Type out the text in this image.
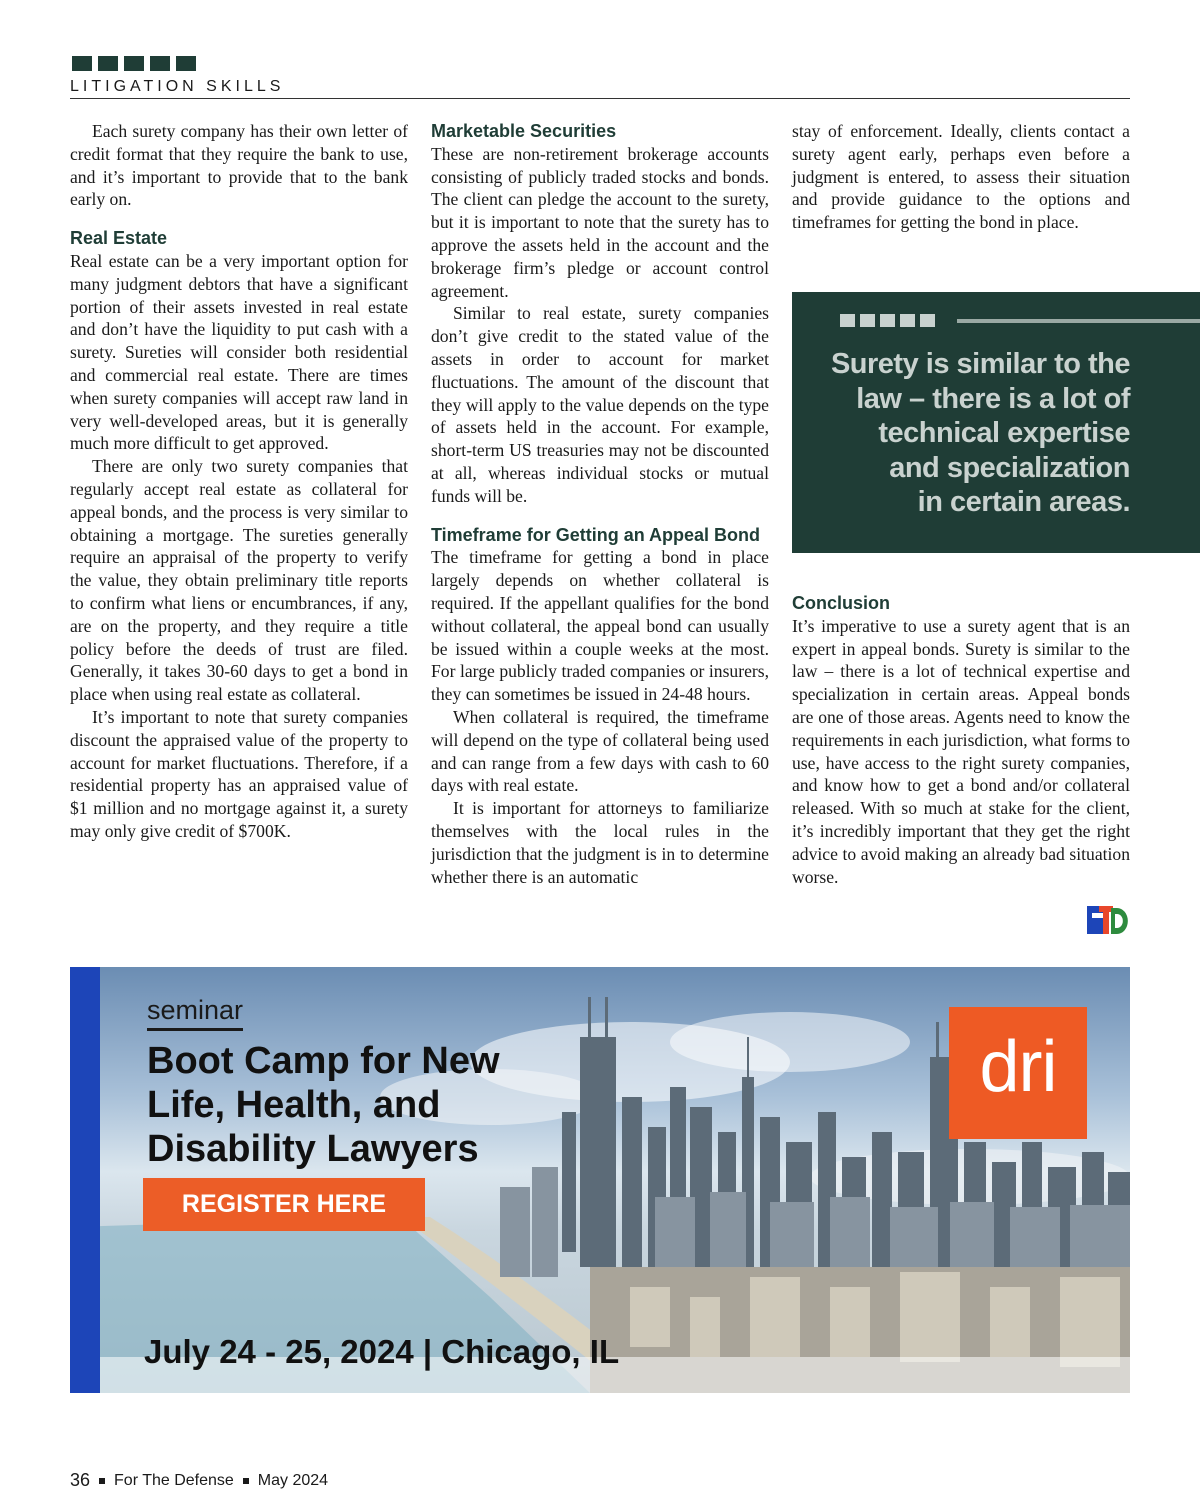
LITIGATION SKILLS

Each surety company has their own letter of credit format that they require the bank to use, and it’s important to provide that to the bank early on.

Real Estate

Real estate can be a very important option for many judgment debtors that have a significant portion of their assets invested in real estate and don’t have the liquidity to put cash with a surety. Sureties will consider both residential and commercial real estate. There are times when surety companies will accept raw land in very well-developed areas, but it is generally much more difficult to get approved.

There are only two surety companies that regularly accept real estate as collateral for appeal bonds, and the process is very similar to obtaining a mortgage. The sureties generally require an appraisal of the property to verify the value, they obtain preliminary title reports to confirm what liens or encumbrances, if any, are on the property, and they require a title policy before the deeds of trust are filed. Generally, it takes 30-60 days to get a bond in place when using real estate as collateral.

It’s important to note that surety companies discount the appraised value of the property to account for market fluctuations. Therefore, if a residential property has an appraised value of $1 million and no mortgage against it, a surety may only give credit of $700K.

Marketable Securities

These are non-retirement brokerage accounts consisting of publicly traded stocks and bonds. The client can pledge the account to the surety, but it is important to note that the surety has to approve the assets held in the account and the brokerage firm’s pledge or account control agreement.

Similar to real estate, surety companies don’t give credit to the stated value of the assets in order to account for market fluctuations. The amount of the discount that they will apply to the value depends on the type of assets held in the account. For example, short-term US treasuries may not be discounted at all, whereas individual stocks or mutual funds will be.

Timeframe for Getting an Appeal Bond

The timeframe for getting a bond in place largely depends on whether collateral is required. If the appellant qualifies for the bond without collateral, the appeal bond can usually be issued within a couple weeks at the most. For large publicly traded companies or insurers, they can sometimes be issued in 24-48 hours.

When collateral is required, the timeframe will depend on the type of collateral being used and can range from a few days with cash to 60 days with real estate.

It is important for attorneys to familiarize themselves with the local rules in the jurisdiction that the judgment is in to determine whether there is an automatic

stay of enforcement. Ideally, clients contact a surety agent early, perhaps even before a judgment is entered, to assess their situation and provide guidance to the options and timeframes for getting the bond in place.

Conclusion

It’s imperative to use a surety agent that is an expert in appeal bonds. Surety is similar to the law – there is a lot of technical expertise and specialization in certain areas. Appeal bonds are one of those areas. Agents need to know the requirements in each jurisdiction, what forms to use, have access to the right surety companies, and know how to get a bond and/or collateral released. With so much at stake for the client, it’s incredibly important that they get the right advice to avoid making an already bad situation worse.

Surety is similar to the
law – there is a lot of
technical expertise
and specialization
in certain areas.
seminar
Boot Camp for New
Life, Health, and
Disability Lawyers
REGISTER HERE
July 24 - 25, 2024 | Chicago, IL
dri
36 For The Defense May 2024
